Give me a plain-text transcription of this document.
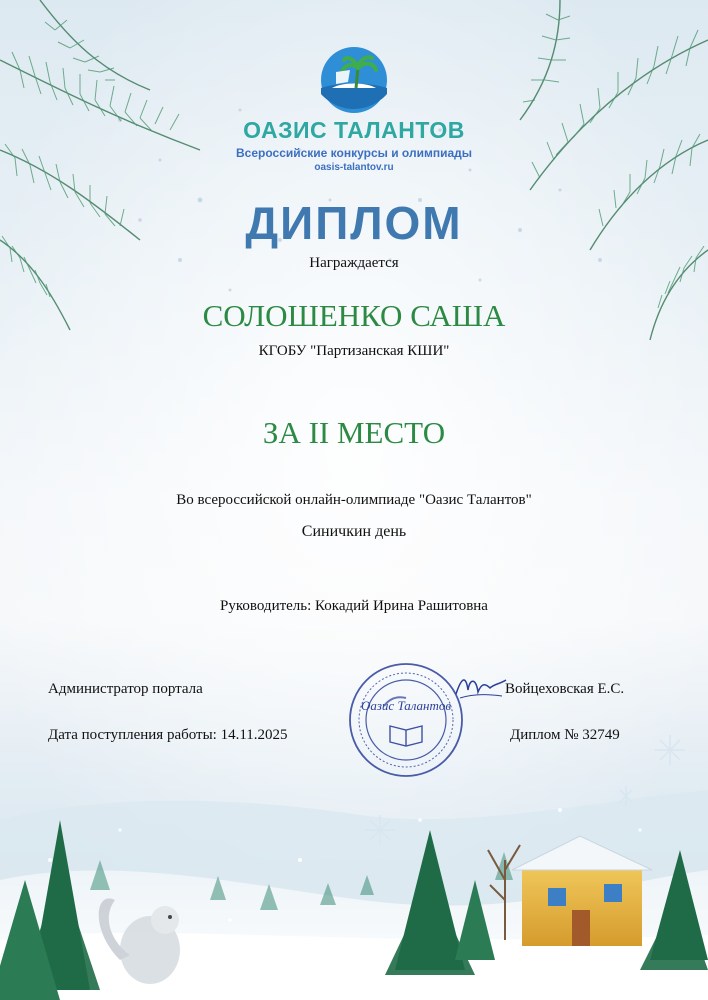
ОАЗИС ТАЛАНТОВ
Всероссийские конкурсы и олимпиады
oasis-talantov.ru
ДИПЛОМ
Награждается
СОЛОШЕНКО САША
КГОБУ "Партизанская КШИ"
ЗА II МЕСТО
Во всероссийской онлайн-олимпиаде "Оазис Талантов"
Синичкин день
Руководитель: Кокадий Ирина Рашитовна
Администратор портала	Войцеховская Е.С.
Дата поступления работы: 14.11.2025	Диплом № 32749
Оазис Талантов
